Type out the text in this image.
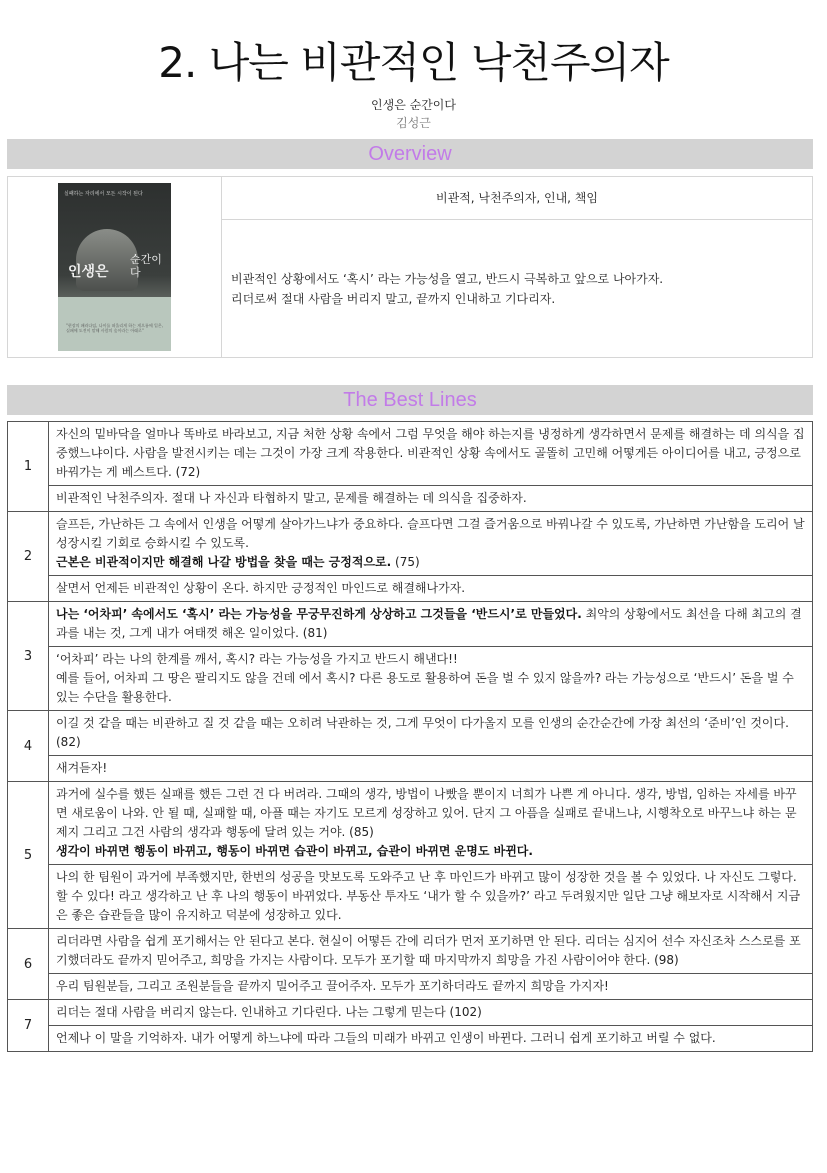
2. 나는 비관적인 낙천주의자
인생은 순간이다
김성근
Overview
실패하는 자리에서 모든 시작이 된다
인생은
순간이다
"현장의 패러다임, 나이를 떠올리게 하는 게으름에 입은, 실패에 도전이 말해 사람의 숲이라는 아래로"
비관적, 낙천주의자, 인내, 책임
비관적인 상황에서도 ‘혹시’ 라는 가능성을 열고, 반드시 극복하고 앞으로 나아가자.
리더로써 절대 사람을 버리지 말고, 끝까지 인내하고 기다리자.
The Best Lines
1	자신의 밑바닥을 얼마나 똑바로 바라보고, 지금 처한 상황 속에서 그럼 무엇을 해야 하는지를 냉정하게 생각하면서 문제를 해결하는 데 의식을 집중했느냐이다. 사람을 발전시키는 데는 그것이 가장 크게 작용한다. 비관적인 상황 속에서도 골똘히 고민해 어떻게든 아이디어를 내고, 긍정으로 바꿔가는 게 베스트다. (72)
	비관적인 낙천주의자. 절대 나 자신과 타협하지 말고, 문제를 해결하는 데 의식을 집중하자.
2	슬프든, 가난하든 그 속에서 인생을 어떻게 살아가느냐가 중요하다. 슬프다면 그걸 즐거움으로 바꿔나갈 수 있도록, 가난하면 가난함을 도리어 날 성장시킬 기회로 승화시킬 수 있도록.
근본은 비관적이지만 해결해 나갈 방법을 찾을 때는 긍정적으로. (75)
	살면서 언제든 비관적인 상황이 온다. 하지만 긍정적인 마인드로 해결해나가자.
3	나는 ‘어차피’ 속에서도 ‘혹시’ 라는 가능성을 무궁무진하게 상상하고 그것들을 ‘반드시’로 만들었다. 최악의 상황에서도 최선을 다해 최고의 결과를 내는 것, 그게 내가 여태껏 해온 일이었다. (81)
	‘어차피’ 라는 나의 한계를 깨서, 혹시? 라는 가능성을 가지고 반드시 해낸다!!
예를 들어, 어차피 그 땅은 팔리지도 않을 건데 에서 혹시? 다른 용도로 활용하여 돈을 벌 수 있지 않을까? 라는 가능성으로 ‘반드시’ 돈을 벌 수 있는 수단을 활용한다.
4	이길 것 같을 때는 비관하고 질 것 같을 때는 오히려 낙관하는 것, 그게 무엇이 다가올지 모를 인생의 순간순간에 가장 최선의 ‘준비’인 것이다. (82)
	새겨듣자!
5	과거에 실수를 했든 실패를 했든 그런 건 다 버려라. 그때의 생각, 방법이 나빴을 뿐이지 너희가 나쁜 게 아니다. 생각, 방법, 임하는 자세를 바꾸면 새로움이 나와. 안 될 때, 실패할 때, 아플 때는 자기도 모르게 성장하고 있어. 단지 그 아픔을 실패로 끝내느냐, 시행착오로 바꾸느냐 하는 문제지 그리고 그건 사람의 생각과 행동에 달려 있는 거야. (85)
생각이 바뀌면 행동이 바뀌고, 행동이 바뀌면 습관이 바뀌고, 습관이 바뀌면 운명도 바뀐다.
	나의 한 팀원이 과거에 부족했지만, 한번의 성공을 맛보도록 도와주고 난 후 마인드가 바뀌고 많이 성장한 것을 볼 수 있었다. 나 자신도 그렇다. 할 수 있다! 라고 생각하고 난 후 나의 행동이 바뀌었다. 부동산 투자도 ‘내가 할 수 있을까?’ 라고 두려웠지만 일단 그냥 해보자로 시작해서 지금은 좋은 습관들을 많이 유지하고 덕분에 성장하고 있다.
6	리더라면 사람을 쉽게 포기해서는 안 된다고 본다. 현실이 어떻든 간에 리더가 먼저 포기하면 안 된다. 리더는 심지어 선수 자신조차 스스로를 포기했더라도 끝까지 믿어주고, 희망을 가지는 사람이다. 모두가 포기할 때 마지막까지 희망을 가진 사람이어야 한다. (98)
	우리 팀원분들, 그리고 조원분들을 끝까지 밀어주고 끌어주자. 모두가 포기하더라도 끝까지 희망을 가지자!
7	리더는 절대 사람을 버리지 않는다. 인내하고 기다린다. 나는 그렇게 믿는다 (102)
	언제나 이 말을 기억하자. 내가 어떻게 하느냐에 따라 그들의 미래가 바뀌고 인생이 바뀐다. 그러니 쉽게 포기하고 버릴 수 없다.
